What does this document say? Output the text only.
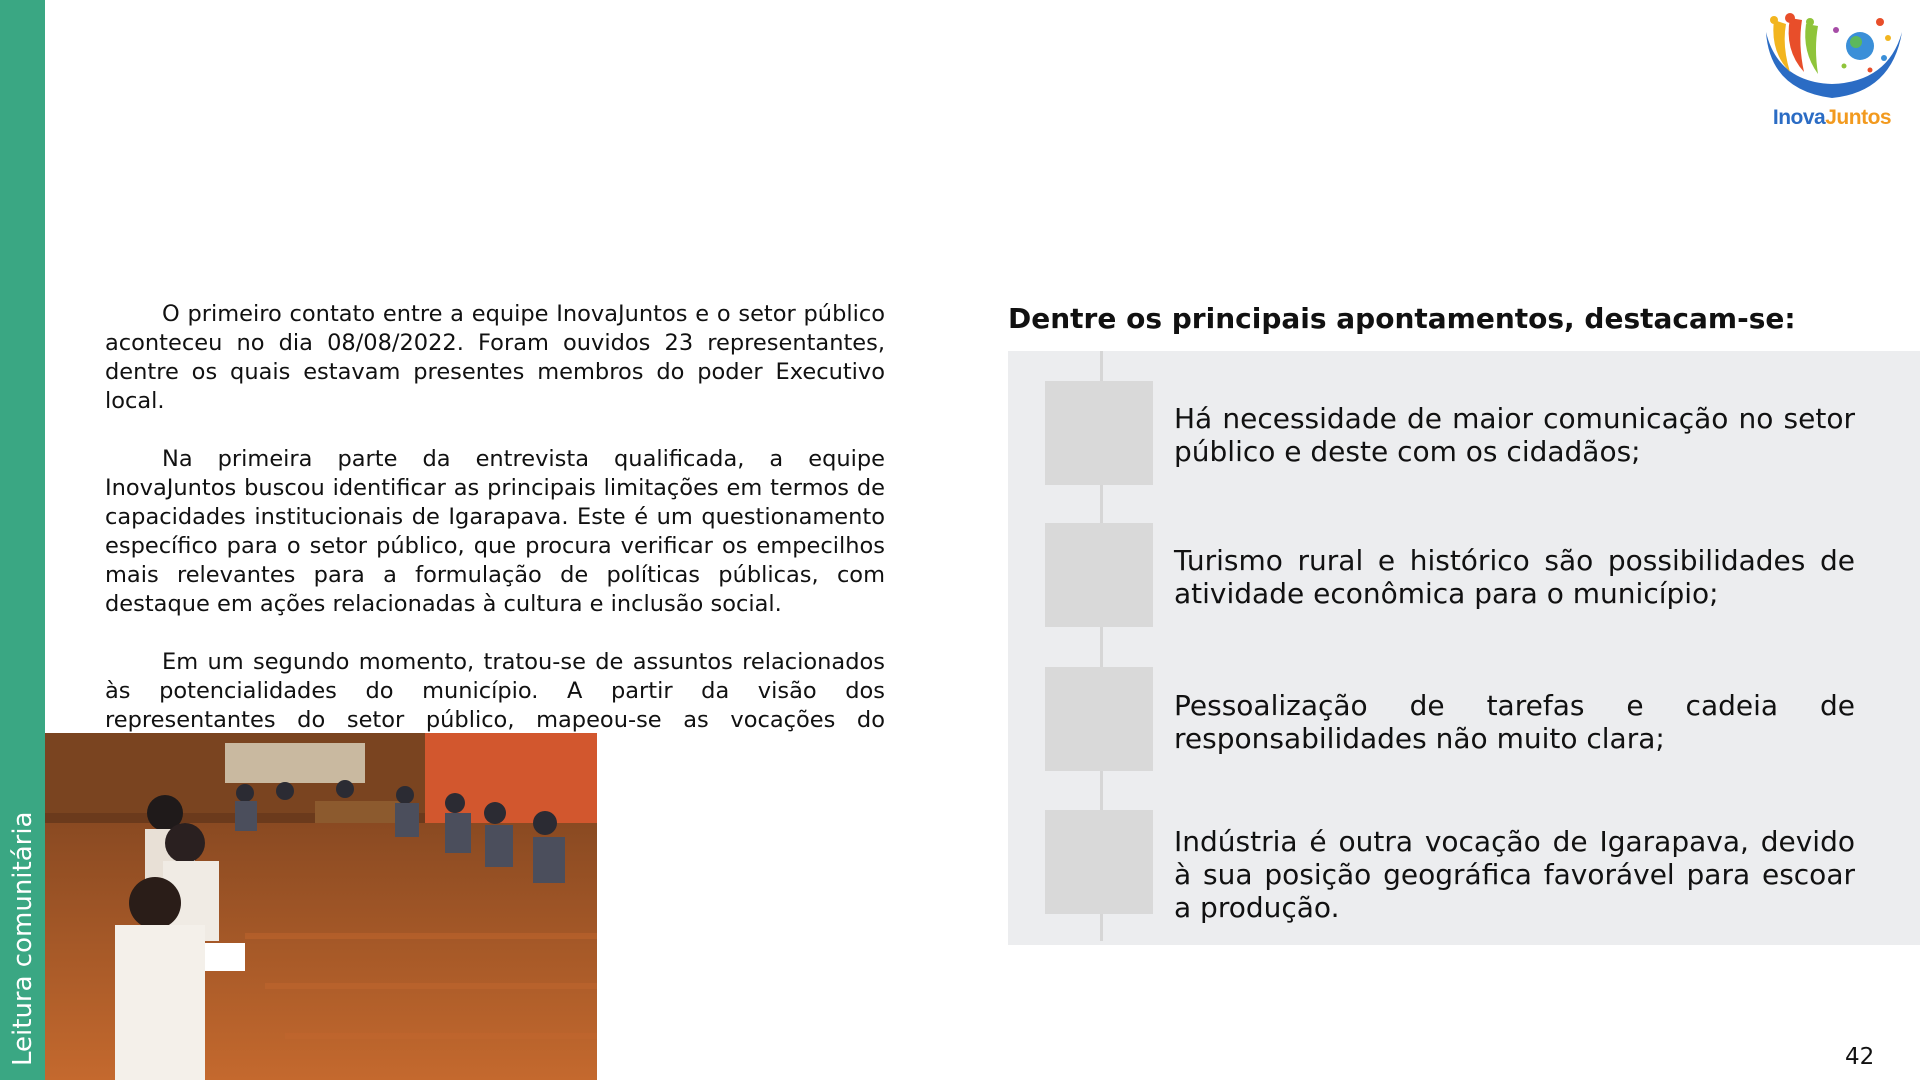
Leitura comunitária
InovaJuntos

O primeiro contato entre a equipe InovaJuntos e o setor público aconteceu no dia 08/08/2022. Foram ouvidos 23 representantes, dentre os quais estavam presentes membros do poder Executivo local.

Na primeira parte da entrevista qualificada, a equipe InovaJuntos buscou identificar as principais limitações em termos de capacidades institucionais de Igarapava. Este é um questionamento específico para o setor público, que procura verificar os empecilhos mais relevantes para a formulação de políticas públicas, com destaque em ações relacionadas à cultura e inclusão social.

Em um segundo momento, tratou-se de assuntos relacionados às potencialidades do município. A partir da visão dos representantes do setor público, mapeou-se as vocações do

Dentre os principais apontamentos, destacam-se:
Há necessidade de maior comunicação no setor público e deste com os cidadãos;
Turismo rural e histórico são possibilidades de atividade econômica para o município;
Pessoalização de tarefas e cadeia de responsabilidades não muito clara;
Indústria é outra vocação de Igarapava, devido à sua posição geográfica favorável para escoar a produção.
42
